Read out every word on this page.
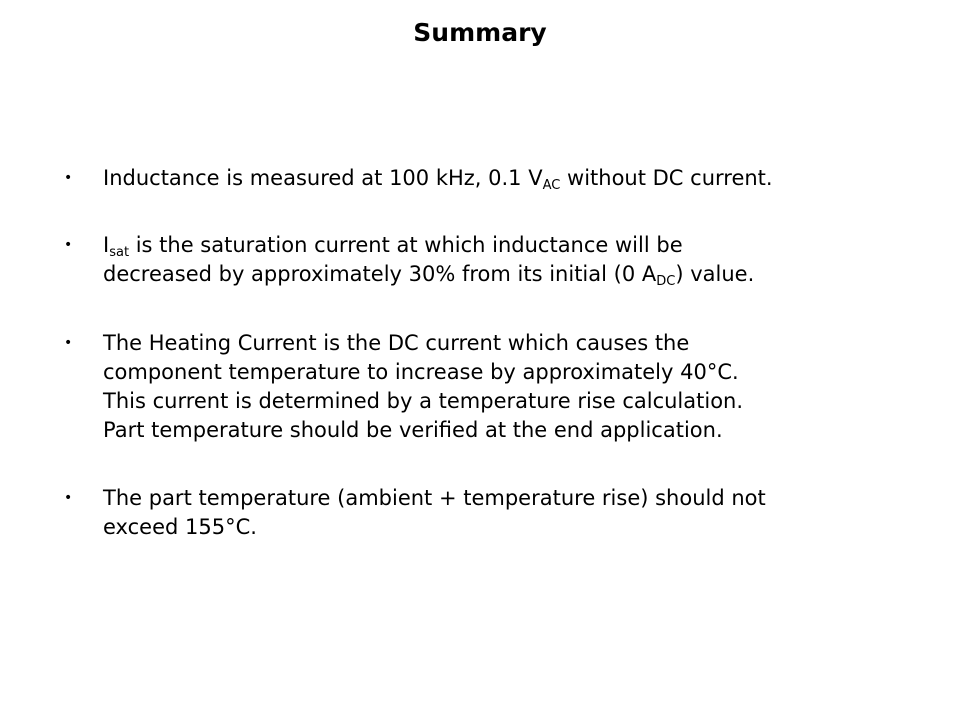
Summary
• Inductance is measured at 100 kHz, 0.1 $V_{AC}$ without DC current.

• $I_{sat}$ is the saturation current at which inductance will be
decreased by approximately 30% from its initial (0 $A_{DC}$) value.

• The Heating Current is the DC current which causes the
component temperature to increase by approximately 40°C.
This current is determined by a temperature rise calculation.
Part temperature should be verified at the end application.

• The part temperature (ambient + temperature rise) should not
exceed 155°C.
